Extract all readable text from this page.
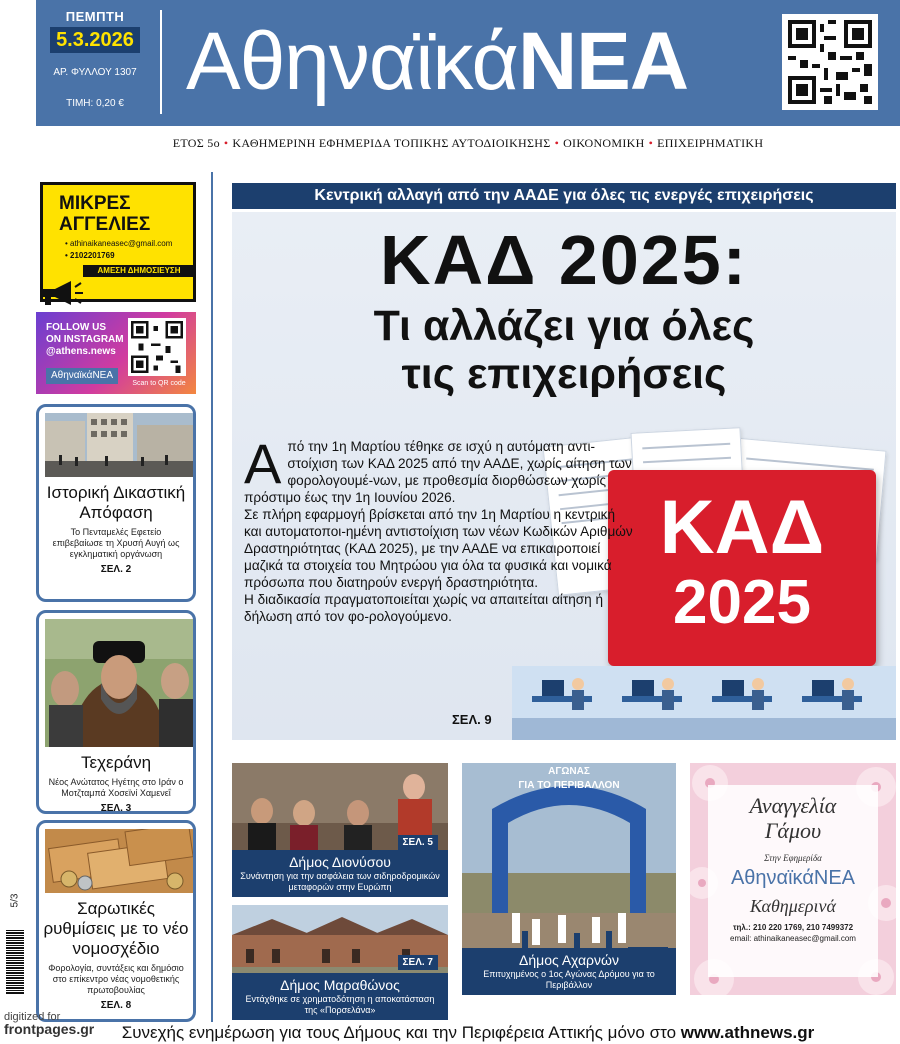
ΠΕΜΠΤΗ
5.3.2026
ΑΡ. ΦΥΛΛΟΥ 1307
ΤΙΜΗ: 0,20 € ΑθηναϊκάΝΕΑ
ΕΤΟΣ 5ο • ΚΑΘΗΜΕΡΙΝΗ ΕΦΗΜΕΡΙΔΑ ΤΟΠΙΚΗΣ ΑΥΤΟΔΙΟΙΚΗΣΗΣ • ΟΙΚΟΝΟΜΙΚΗ • ΕΠΙΧΕΙΡΗΜΑΤΙΚΗ
ΜΙΚΡΕΣ
ΑΓΓΕΛΙΕΣ
• athinaikaneasec@gmail.com
• 2102201769
ΑΜΕΣΗ ΔΗΜΟΣΙΕΥΣΗ
FOLLOW US
ON INSTAGRAM
@athens.news
ΑθηναϊκάΝΕΑ
Scan to QR code
Ιστορική Δικαστική Απόφαση
Το Πενταμελές Εφετείο επιβεβαίωσε τη Χρυσή Αυγή ως εγκληματική οργάνωση
ΣΕΛ. 2
Τεχεράνη
Νέος Ανώτατος Ηγέτης στο Ιράν ο Μοτζταμπά Χοσεϊνί Χαμενεΐ
ΣΕΛ. 3
Σαρωτικές ρυθμίσεις με το νέο νομοσχέδιο
Φορολογία, συντάξεις και δημόσιο στο επίκεντρο νέας νομοθετικής πρωτοβουλίας
ΣΕΛ. 8
Κεντρική αλλαγή από την ΑΑΔΕ για όλες τις ενεργές επιχειρήσεις
ΚΑΔ 2025:
Τι αλλάζει για όλες
τις επιχειρήσεις
ΚΑΔ
2025
Α πό την 1η Μαρτίου τέθηκε σε ισχύ η αυτόματη αντι-στοίχιση των ΚΑΔ 2025 από την ΑΑΔΕ, χωρίς αίτηση των φορολογουμέ-νων, με προθεσμία διορθώσεων χωρίς πρόστιμο έως την 1η Ιουνίου 2026.

Σε πλήρη εφαρμογή βρίσκεται από την 1η Μαρτίου η κεντρική και αυτοματοποι-ημένη αντιστοίχιση των νέων Κωδικών Αριθμών Δραστηριότητας (ΚΑΔ 2025), με την ΑΑΔΕ να επικαιροποιεί μαζικά τα στοιχεία του Μητρώου για όλα τα φυσικά και νομικά πρόσωπα που διατηρούν ενεργή δραστηριότητα.

Η διαδικασία πραγματοποιείται χωρίς να απαιτείται αίτηση ή δήλωση από τον φο-ρολογούμενο.

ΣΕΛ. 9
ΣΕΛ. 5
Δήμος Διονύσου
Συνάντηση για την ασφάλεια των σιδηροδρομικών μεταφορών στην Ευρώπη
ΣΕΛ. 7
Δήμος Μαραθώνος
Εντάχθηκε σε χρηματοδότηση η αποκατάσταση της «Πορσελάνα»
ΑΓΩΝΑΣ
ΓΙΑ ΤΟ ΠΕΡΙΒΑΛΛΟΝ
Δήμος Αχαρνών
Επιτυχημένος ο 1ος Αγώνας Δρόμου για το Περιβάλλον
Αναγγελία
Γάμου
Στην Εφημερίδα
ΑθηναϊκάΝΕΑ
Καθημερινά
τηλ.: 210 220 1769, 210 7499372
email: athinaikaneasec@gmail.com
Συνεχής ενημέρωση για τους Δήμους και την Περιφέρεια Αττικής μόνο στο www.athnews.gr
5/3
digitized for
frontpages.gr
